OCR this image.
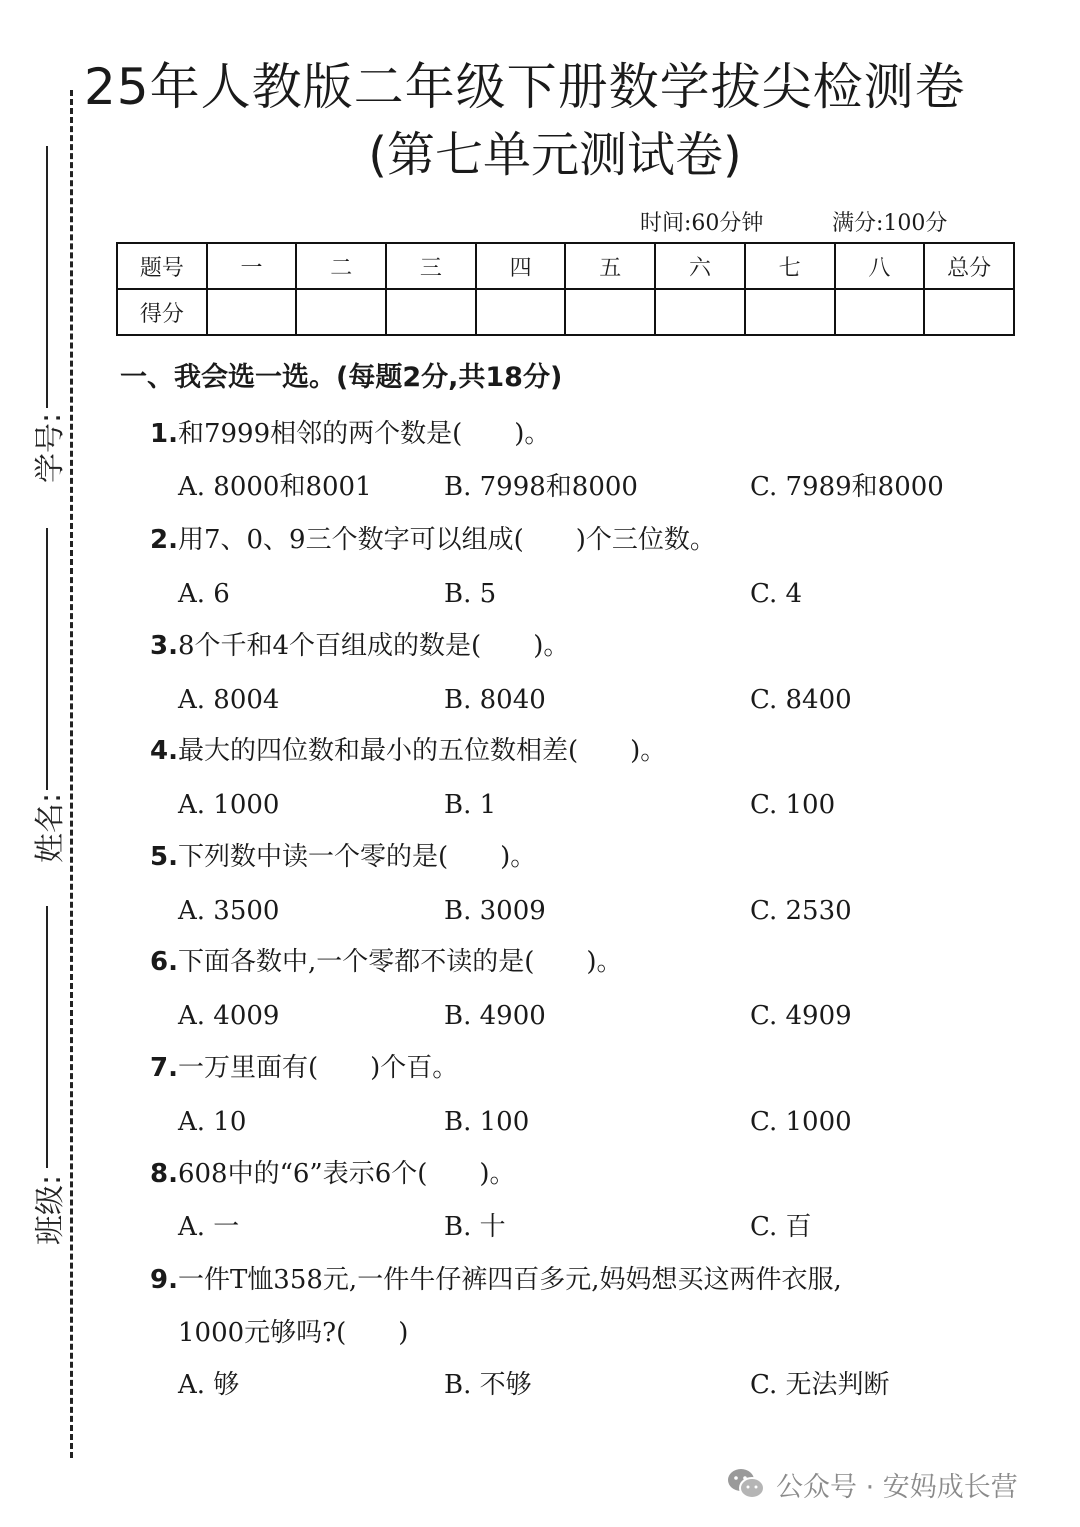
学号:
姓名:
班级:
25年人教版二年级下册数学拔尖检测卷
(第七单元测试卷)
时间:60分钟	满分:100分
题号	一	二	三	四	五	六	七	八	总分
得分									
一、我会选一选。(每题2分,共18分)
1.和7999相邻的两个数是(　　)。
A. 8000和8001	B. 7998和8000	C. 7989和8000
2.用7、0、9三个数字可以组成(　　)个三位数。
A. 6	B. 5	C. 4
3.8个千和4个百组成的数是(　　)。
A. 8004	B. 8040	C. 8400
4.最大的四位数和最小的五位数相差(　　)。
A. 1000	B. 1	C. 100
5.下列数中读一个零的是(　　)。
A. 3500	B. 3009	C. 2530
6.下面各数中,一个零都不读的是(　　)。
A. 4009	B. 4900	C. 4909
7.一万里面有(　　)个百。
A. 10	B. 100	C. 1000
8.608中的“6”表示6个(　　)。
A. 一	B. 十	C. 百
9.一件T恤358元,一件牛仔裤四百多元,妈妈想买这两件衣服,
1000元够吗?(　　)
A. 够	B. 不够	C. 无法判断
公众号 · 安妈成长营
